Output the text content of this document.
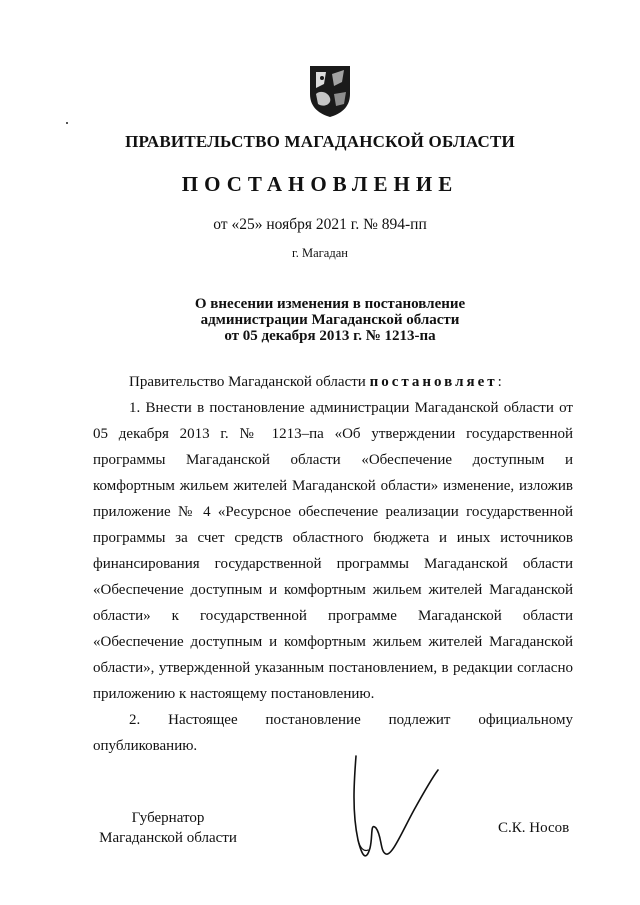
ПРАВИТЕЛЬСТВО МАГАДАНСКОЙ ОБЛАСТИ
ПОСТАНОВЛЕНИЕ
от «25» ноября 2021 г. № 894-пп
г. Магадан
О внесении изменения в постановление
администрации Магаданской области
от 05 декабря 2013 г. № 1213-па

Правительство Магаданской области постановляет:

1. Внести в постановление администрации Магаданской области от 05 декабря 2013 г. № 1213–па «Об утверждении государственной программы Магаданской области «Обеспечение доступным и комфортным жильем жителей Магаданской области» изменение, изложив приложение № 4 «Ресурсное обеспечение реализации государственной программы за счет средств областного бюджета и иных источников финансирования государственной программы Магаданской области «Обеспечение доступным и комфортным жильем жителей Магаданской области» к государственной программе Магаданской области «Обеспечение доступным и комфортным жильем жителей Магаданской области», утвержденной указанным постановлением, в редакции согласно приложению к настоящему постановлению.

2. Настоящее постановление подлежит официальному опубликованию.

Губернатор
Магаданской области
С.К. Носов
